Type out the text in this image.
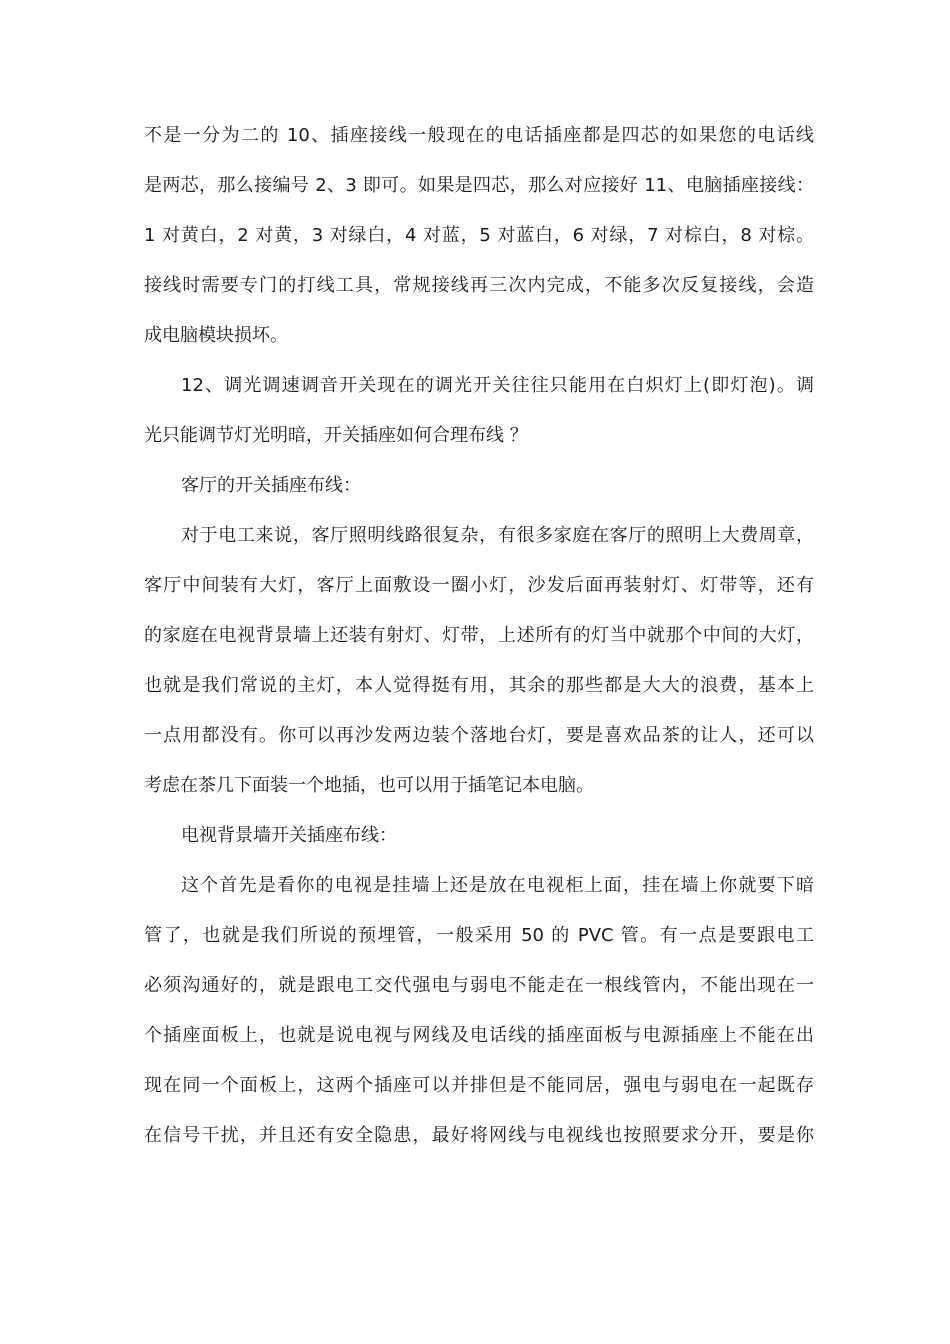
不是一分为二的 10、插座接线一般现在的电话插座都是四芯的如果您的电话线
是两芯，那么接编号 2、3 即可。如果是四芯，那么对应接好 11、电脑插座接线：
1 对黄白，2 对黄，3 对绿白，4 对蓝，5 对蓝白，6 对绿，7 对棕白，8 对棕。
接线时需要专门的打线工具，常规接线再三次内完成，不能多次反复接线，会造
成电脑模块损坏。
12、调光调速调音开关现在的调光开关往往只能用在白炽灯上(即灯泡)。调
光只能调节灯光明暗，开关插座如何合理布线 ？
客厅的开关插座布线：
对于电工来说，客厅照明线路很复杂，有很多家庭在客厅的照明上大费周章，
客厅中间装有大灯，客厅上面敷设一圈小灯，沙发后面再装射灯、灯带等，还有
的家庭在电视背景墙上还装有射灯、灯带，上述所有的灯当中就那个中间的大灯，
也就是我们常说的主灯，本人觉得挺有用，其余的那些都是大大的浪费，基本上
一点用都没有。你可以再沙发两边装个落地台灯，要是喜欢品茶的让人，还可以
考虑在茶几下面装一个地插，也可以用于插笔记本电脑。
电视背景墙开关插座布线：
这个首先是看你的电视是挂墙上还是放在电视柜上面，挂在墙上你就要下暗
管了，也就是我们所说的预埋管，一般采用 50 的 PVC 管。有一点是要跟电工
必须沟通好的，就是跟电工交代强电与弱电不能走在一根线管内，不能出现在一
个插座面板上，也就是说电视与网线及电话线的插座面板与电源插座上不能在出
现在同一个面板上，这两个插座可以并排但是不能同居，强电与弱电在一起既存
在信号干扰，并且还有安全隐患，最好将网线与电视线也按照要求分开，要是你
